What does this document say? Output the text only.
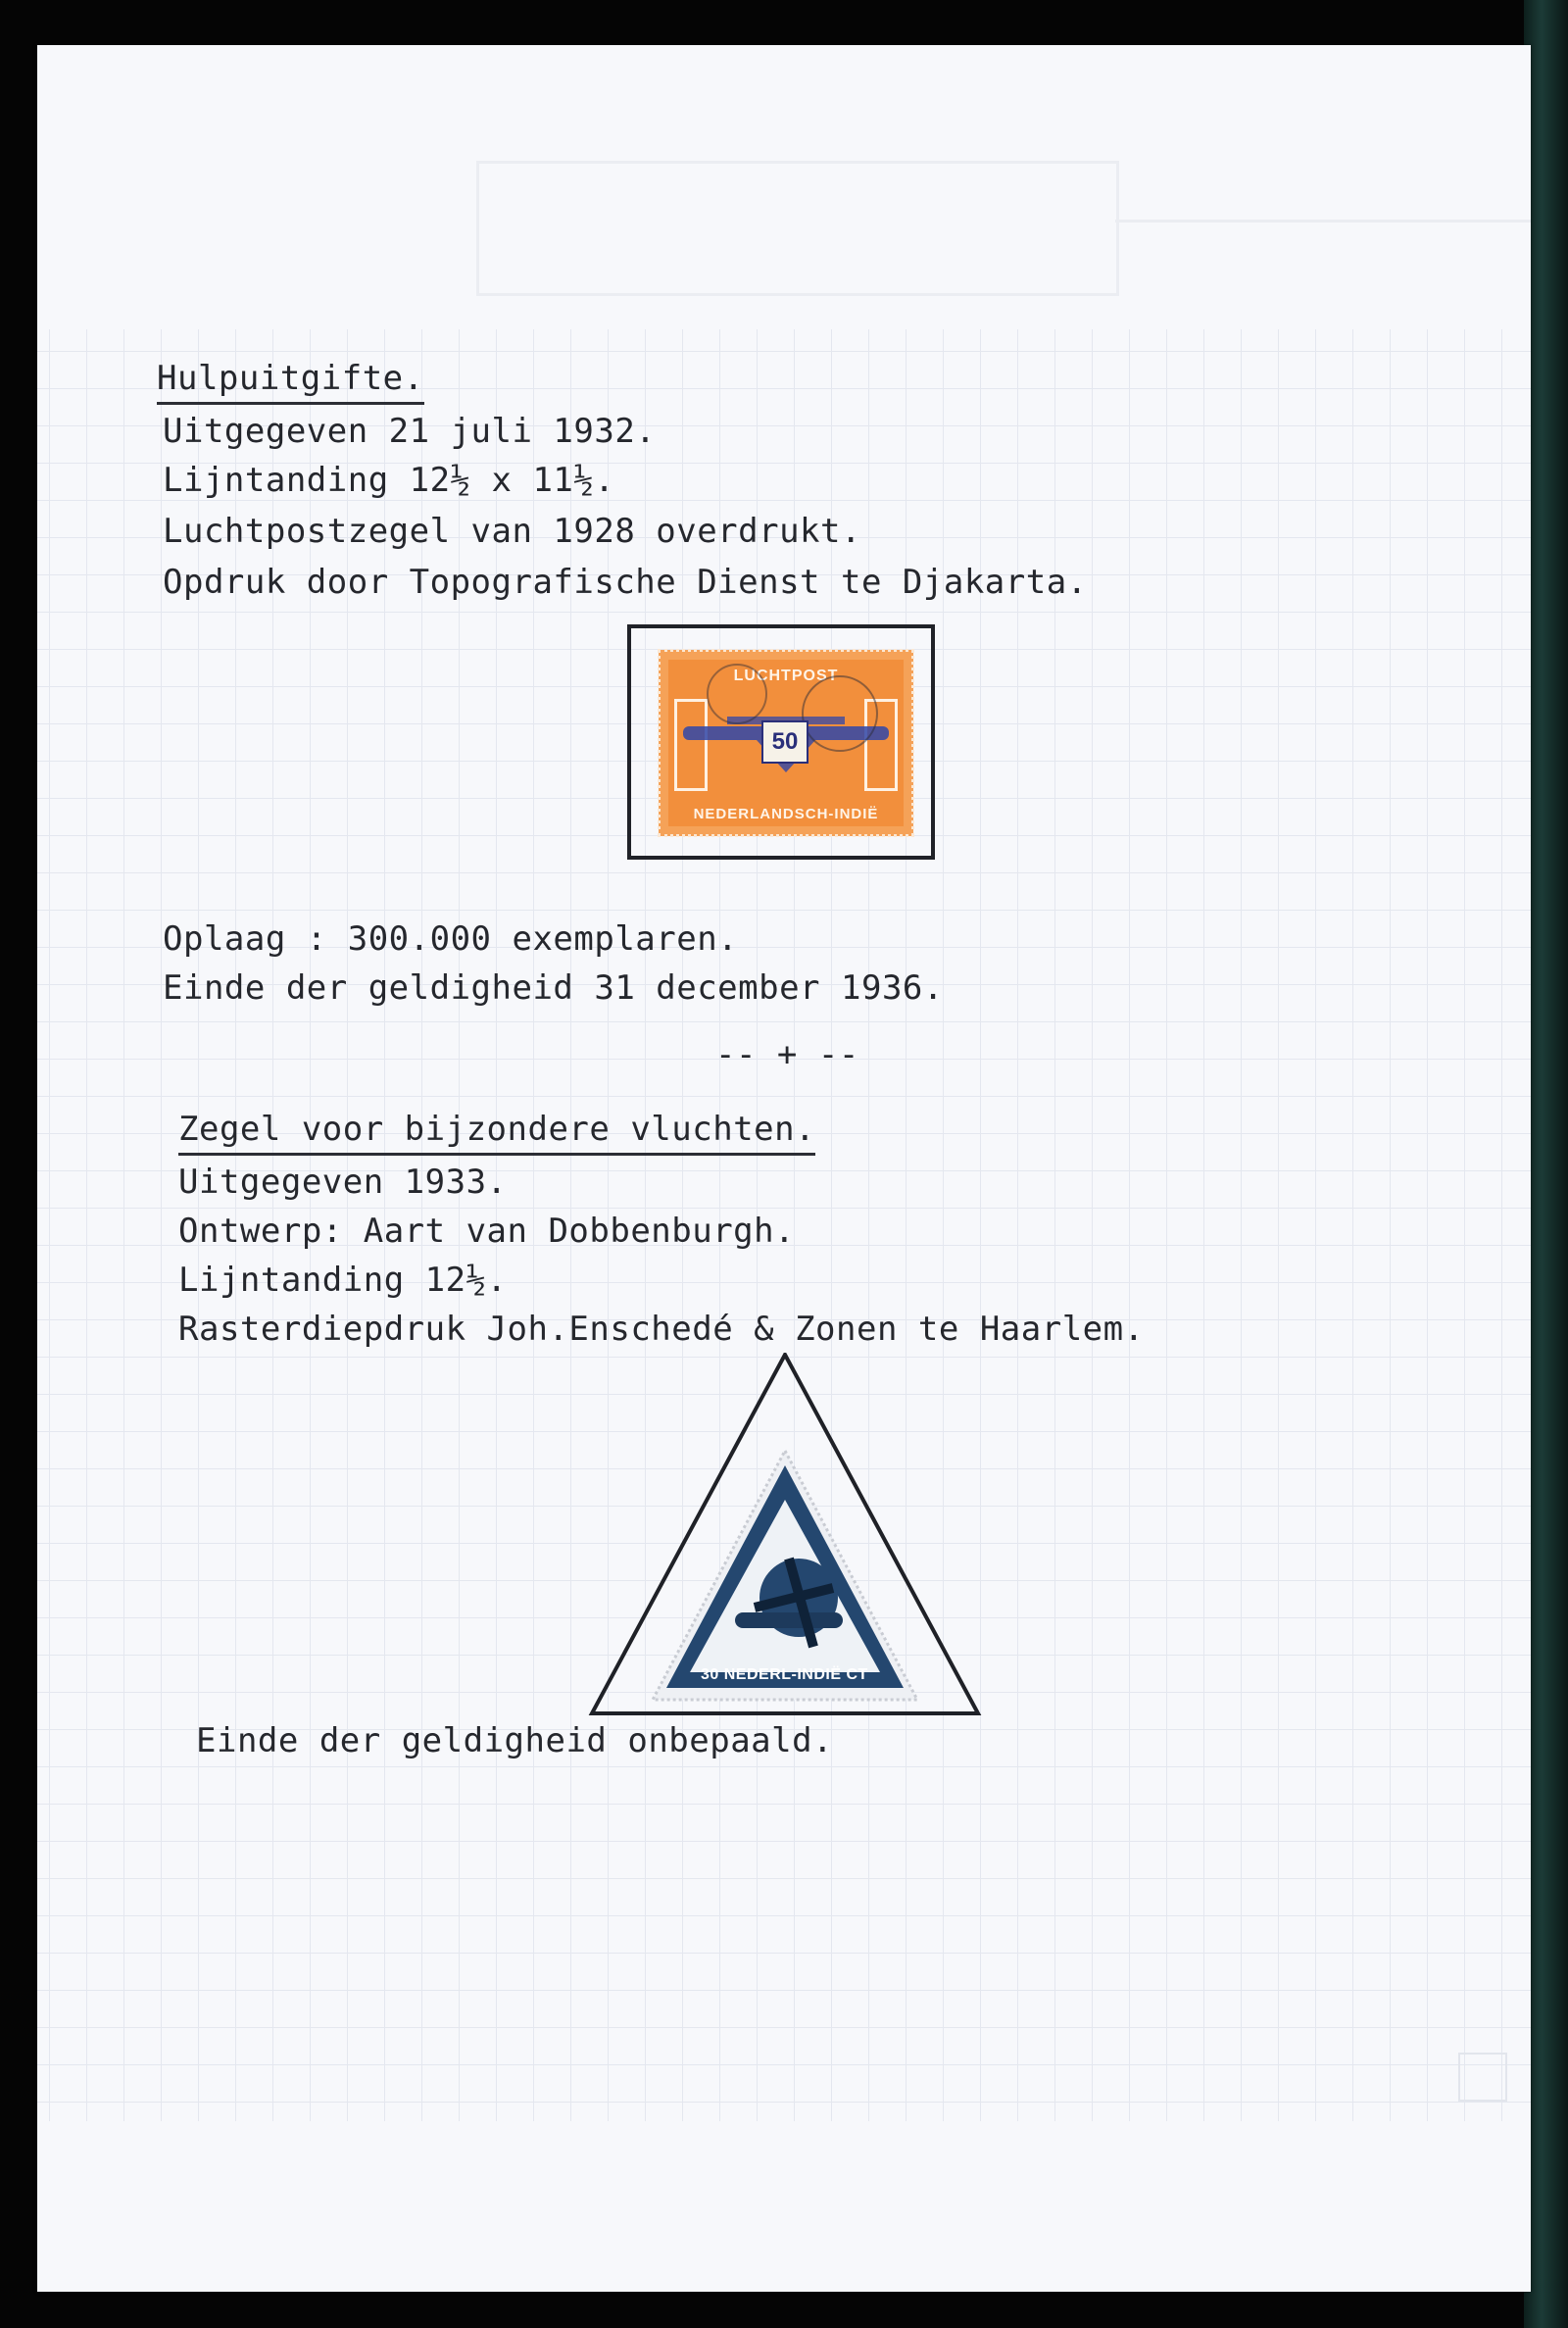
Hulpuitgifte.
Uitgegeven 21 juli 1932.
Lijntanding 12½ x 11½.
Luchtpostzegel van 1928 overdrukt.
Opdruk door Topografische Dienst te Djakarta.
LUCHTPOST
50
NEDERLANDSCH-INDIË
Oplaag : 300.000 exemplaren.
Einde der geldigheid 31 december 1936.
-- + --
Zegel voor bijzondere vluchten.
Uitgegeven 1933.
Ontwerp: Aart van Dobbenburgh.
Lijntanding 12½.
Rasterdiepdruk Joh.Enschedé & Zonen te Haarlem.
30 NEDERL-INDIË CT
Einde der geldigheid onbepaald.
